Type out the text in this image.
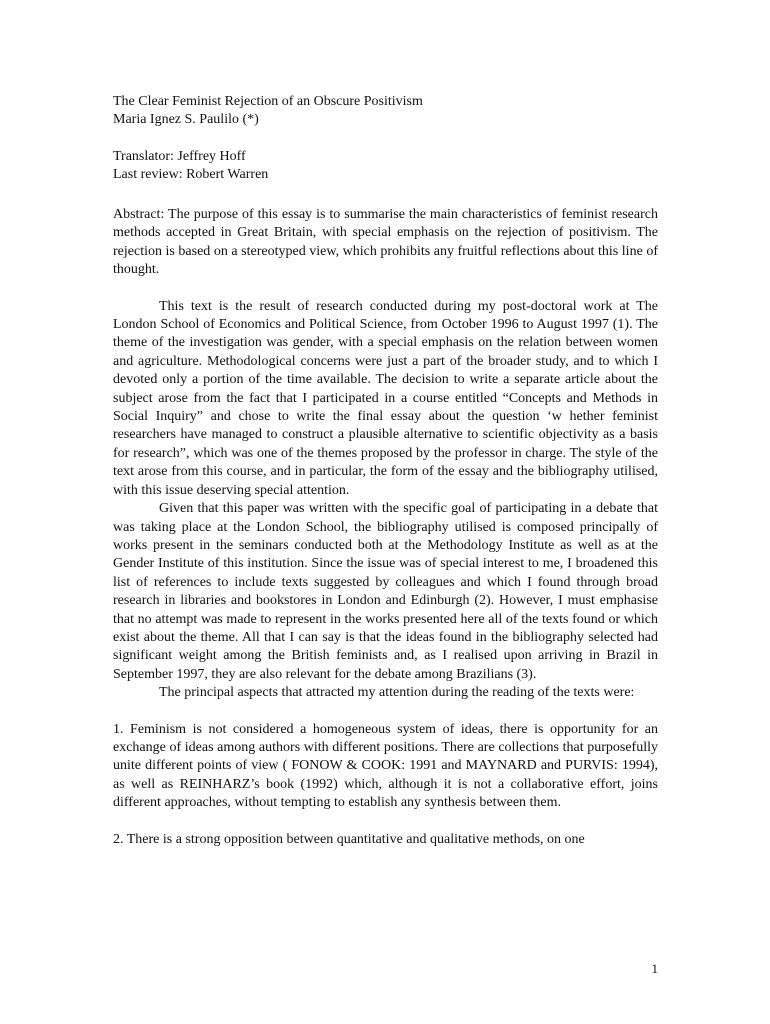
The Clear Feminist Rejection of an Obscure Positivism
Maria Ignez S. Paulilo (*)
Translator: Jeffrey Hoff
Last review: Robert Warren

Abstract: The purpose of this essay is to summarise the main characteristics of feminist research methods accepted in Great Britain, with special emphasis on the rejection of positivism. The rejection is based on a stereotyped view, which prohibits any fruitful reflections about this line of thought.

This text is the result of research conducted during my post-doctoral work at The London School of Economics and Political Science, from October 1996 to August 1997 (1). The theme of the investigation was gender, with a special emphasis on the relation between women and agriculture. Methodological concerns were just a part of the broader study, and to which I devoted only a portion of the time available. The decision to write a separate article about the subject arose from the fact that I participated in a course entitled “Concepts and Methods in Social Inquiry” and chose to write the final essay about the question ‘w hether feminist researchers have managed to construct a plausible alternative to scientific objectivity as a basis for research”, which was one of the themes proposed by the professor in charge. The style of the text arose from this course, and in particular, the form of the essay and the bibliography utilised, with this issue deserving special attention.

Given that this paper was written with the specific goal of participating in a debate that was taking place at the London School, the bibliography utilised is composed principally of works present in the seminars conducted both at the Methodology Institute as well as at the Gender Institute of this institution. Since the issue was of special interest to me, I broadened this list of references to include texts suggested by colleagues and which I found through broad research in libraries and bookstores in London and Edinburgh (2). However, I must emphasise that no attempt was made to represent in the works presented here all of the texts found or which exist about the theme. All that I can say is that the ideas found in the bibliography selected had significant weight among the British feminists and, as I realised upon arriving in Brazil in September 1997, they are also relevant for the debate among Brazilians (3).

The principal aspects that attracted my attention during the reading of the texts were:

1. Feminism is not considered a homogeneous system of ideas, there is opportunity for an exchange of ideas among authors with different positions. There are collections that purposefully unite different points of view ( FONOW & COOK: 1991 and MAYNARD and PURVIS: 1994), as well as REINHARZ’s book (1992) which, although it is not a collaborative effort, joins different approaches, without tempting to establish any synthesis between them.

2. There is a strong opposition between quantitative and qualitative methods, on one

1
